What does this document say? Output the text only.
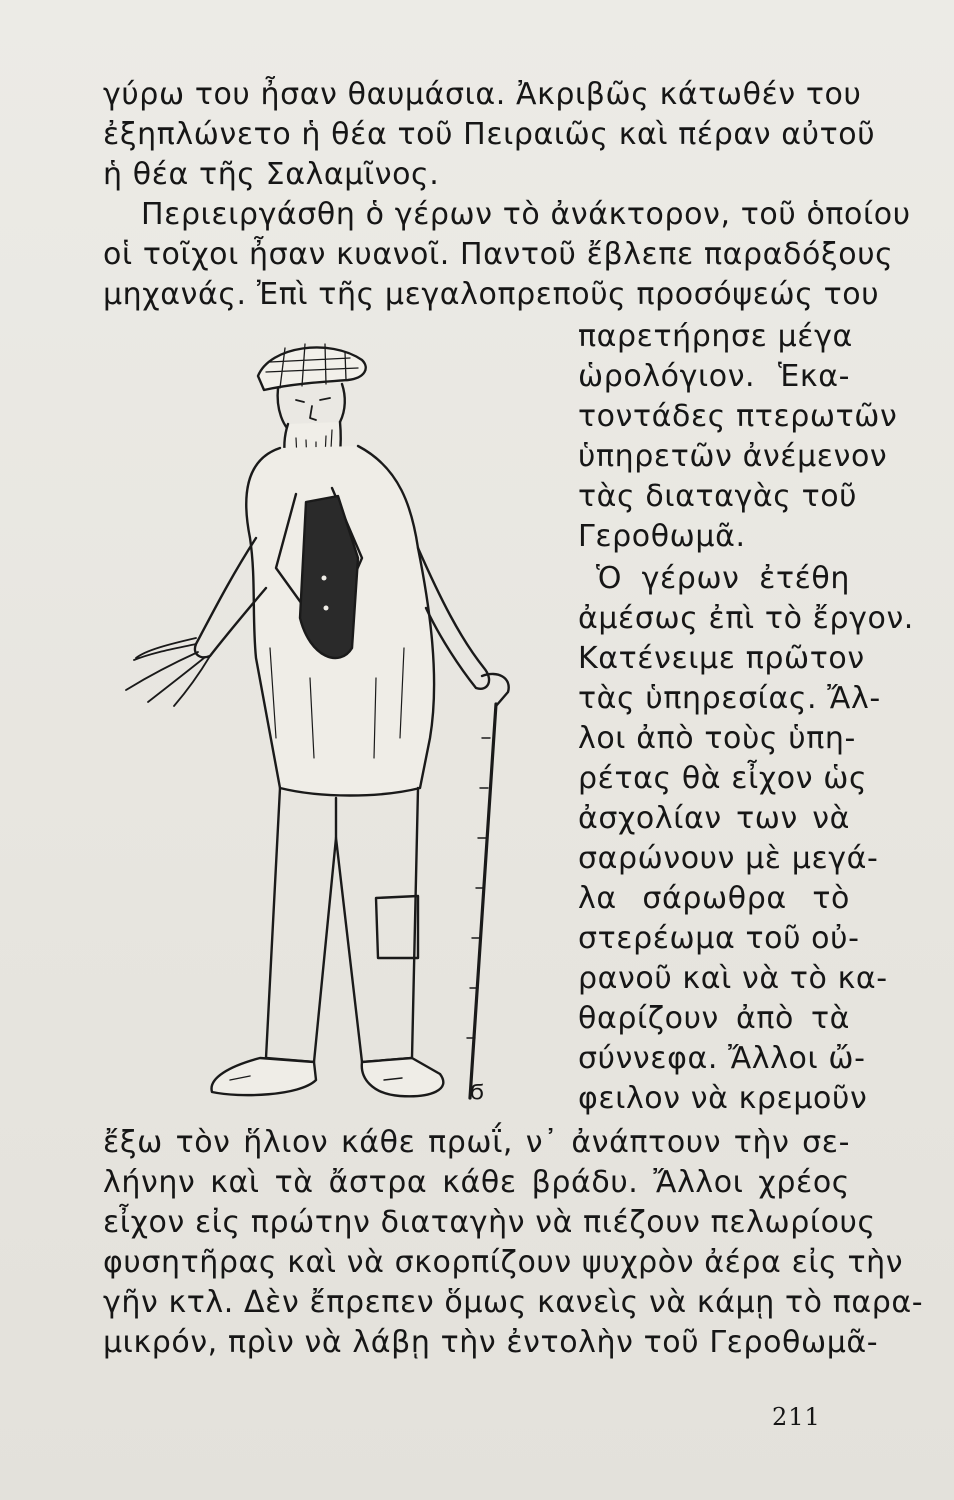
γύρω του ἦσαν θαυμάσια. Ἀκριβῶς κάτωθέν του
ἐξηπλώνετο ἡ θέα τοῦ Πειραιῶς καὶ πέραν αὐτοῦ
ἡ θέα τῆς Σαλαμῖνος.
Περιειργάσθη ὁ γέρων τὸ ἀνάκτορον, τοῦ ὁποίου
οἱ τοῖχοι ἦσαν κυανοῖ. Παντοῦ ἔβλεπε παραδόξους
μηχανάς. Ἐπὶ τῆς μεγαλοπρεποῦς προσόψεώς του
Ϭ
παρετήρησε μέγα
ὡρολόγιον. Ἑκα-
τοντάδες πτερωτῶν
ὑπηρετῶν ἀνέμενον
τὰς διαταγὰς τοῦ
Γεροθωμᾶ.
Ὁ γέρων ἐτέθη
ἀμέσως ἐπὶ τὸ ἔργον.
Κατένειμε πρῶτον
τὰς ὑπηρεσίας. Ἄλ-
λοι ἀπὸ τοὺς ὑπη-
ρέτας θὰ εἶχον ὡς
ἀσχολίαν των νὰ
σαρώνουν μὲ μεγά-
λα σάρωθρα τὸ
στερέωμα τοῦ οὐ-
ρανοῦ καὶ νὰ τὸ κα-
θαρίζουν ἀπὸ τὰ
σύννεφα. Ἄλλοι ὤ-
φειλον νὰ κρεμοῦν
ἔξω τὸν ἥλιον κάθε πρωΐ, ν᾿ ἀνάπτουν τὴν σε-
λήνην καὶ τὰ ἄστρα κάθε βράδυ. Ἄλλοι χρέος
εἶχον εἰς πρώτην διαταγὴν νὰ πιέζουν πελωρίους
φυσητῆρας καὶ νὰ σκορπίζουν ψυχρὸν ἀέρα εἰς τὴν
γῆν κτλ. Δὲν ἔπρεπεν ὅμως κανεὶς νὰ κάμῃ τὸ παρα-
μικρόν, πρὶν νὰ λάβῃ τὴν ἐντολὴν τοῦ Γεροθωμᾶ-
211
